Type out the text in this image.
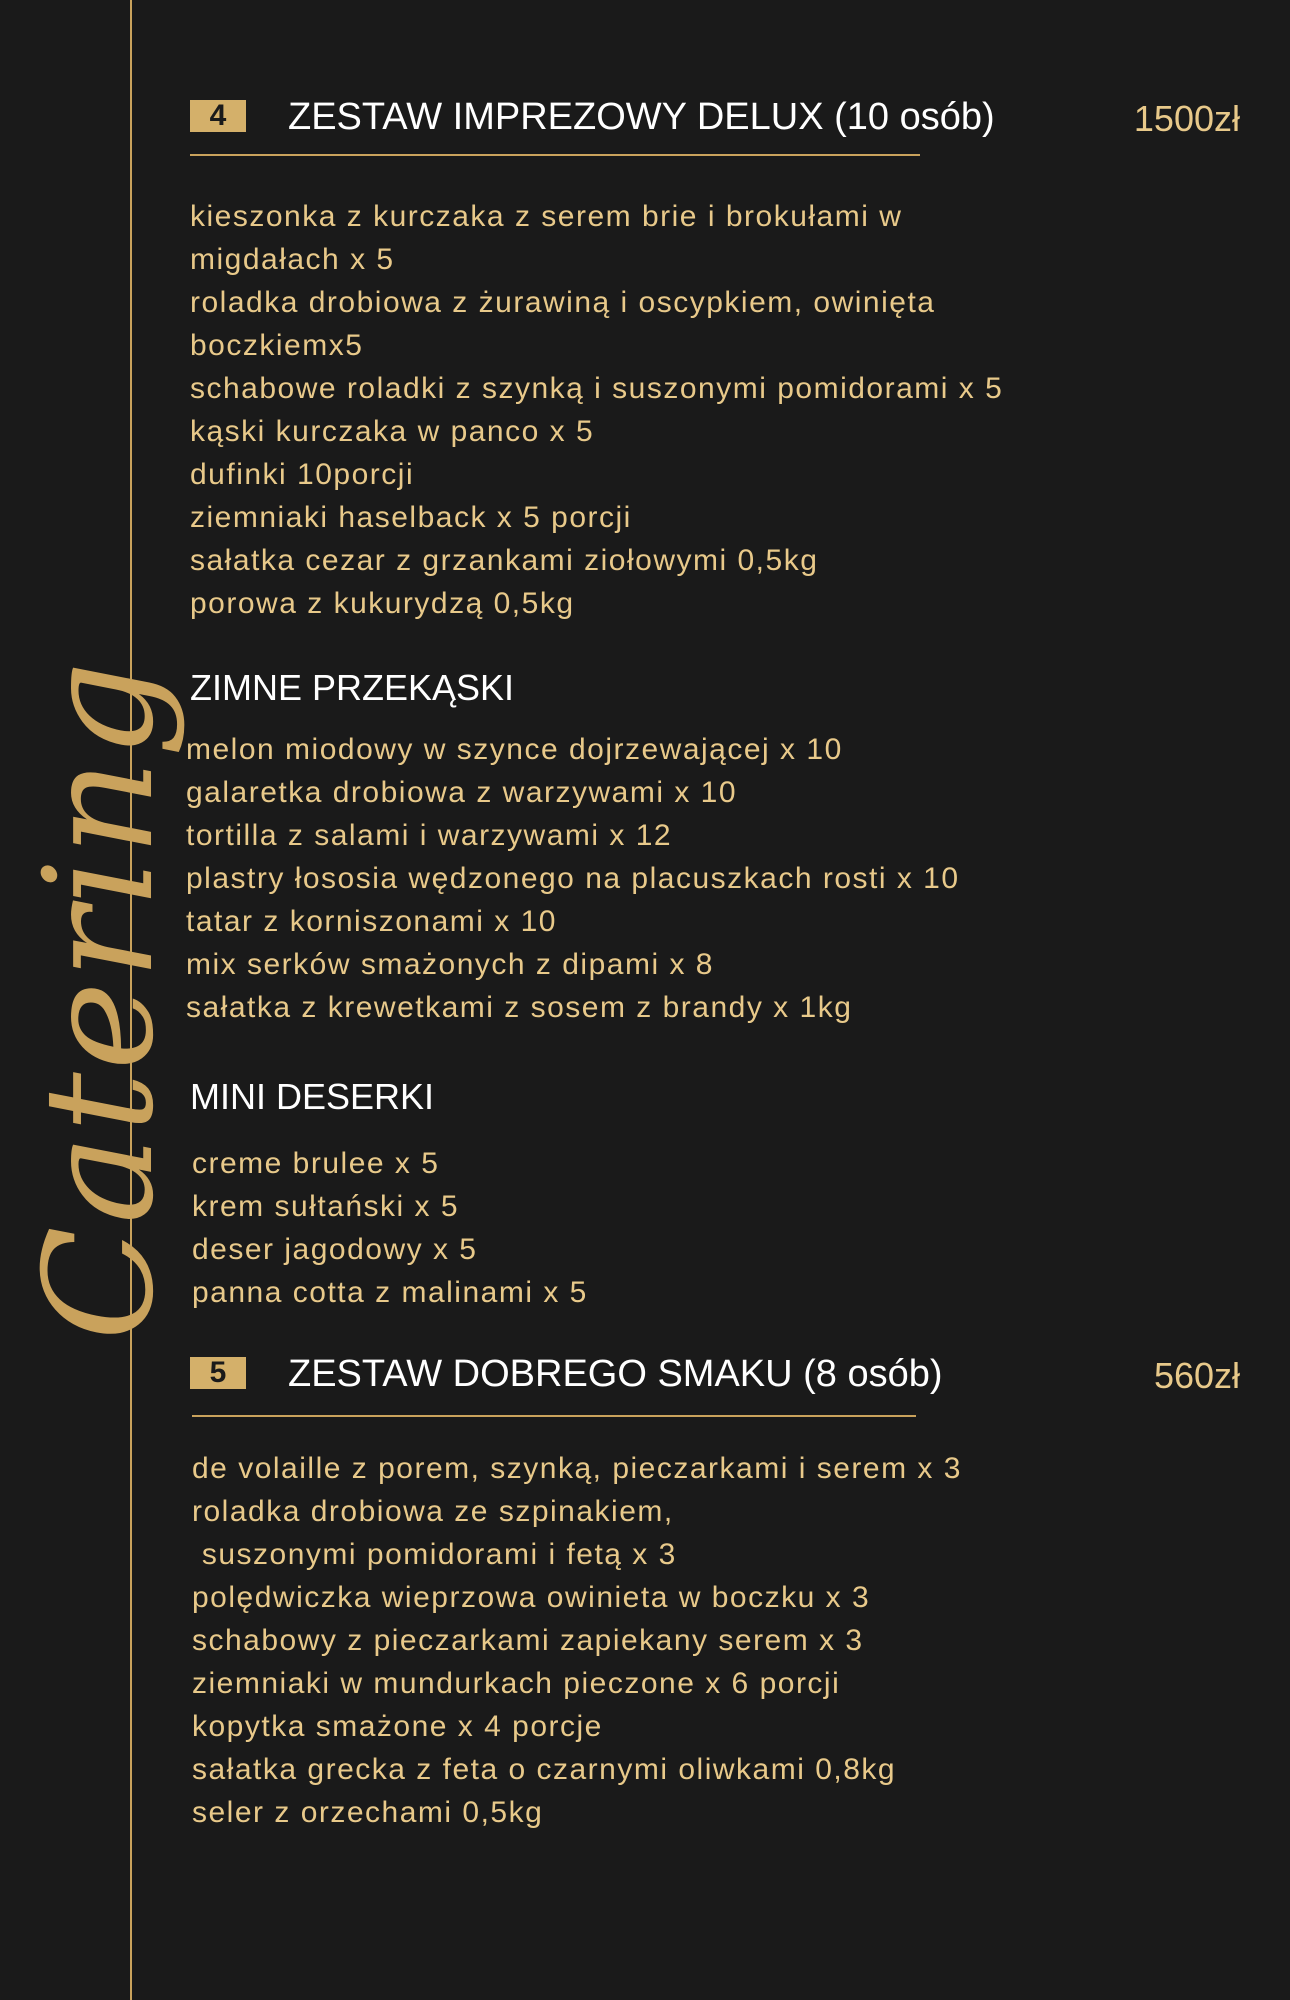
Catering
4	ZESTAW IMPREZOWY DELUX (10 osób)	1500zł
kieszonka z kurczaka z serem brie i brokułami w
migdałach x 5
roladka drobiowa z żurawiną i oscypkiem, owinięta
boczkiemx5
schabowe roladki z szynką i suszonymi pomidorami x 5
kąski kurczaka w panco x 5
dufinki 10porcji
ziemniaki haselback x 5 porcji
sałatka cezar z grzankami ziołowymi 0,5kg
porowa z kukurydzą 0,5kg
ZIMNE PRZEKĄSKI
melon miodowy w szynce dojrzewającej x 10
galaretka drobiowa z warzywami x 10
tortilla z salami i warzywami x 12
plastry łososia wędzonego na placuszkach rosti x 10
tatar z korniszonami x 10
mix serków smażonych z dipami x 8
sałatka z krewetkami z sosem z brandy x 1kg
MINI DESERKI
creme brulee x 5
krem sułtański x 5
deser jagodowy x 5
panna cotta z malinami x 5
5	ZESTAW DOBREGO SMAKU (8 osób)	560zł
de volaille z porem, szynką, pieczarkami i serem x 3
roladka drobiowa ze szpinakiem,
suszonymi pomidorami i fetą x 3
polędwiczka wieprzowa owinieta w boczku x 3
schabowy z pieczarkami zapiekany serem x 3
ziemniaki w mundurkach pieczone x 6 porcji
kopytka smażone x 4 porcje
sałatka grecka z feta o czarnymi oliwkami 0,8kg
seler z orzechami 0,5kg
